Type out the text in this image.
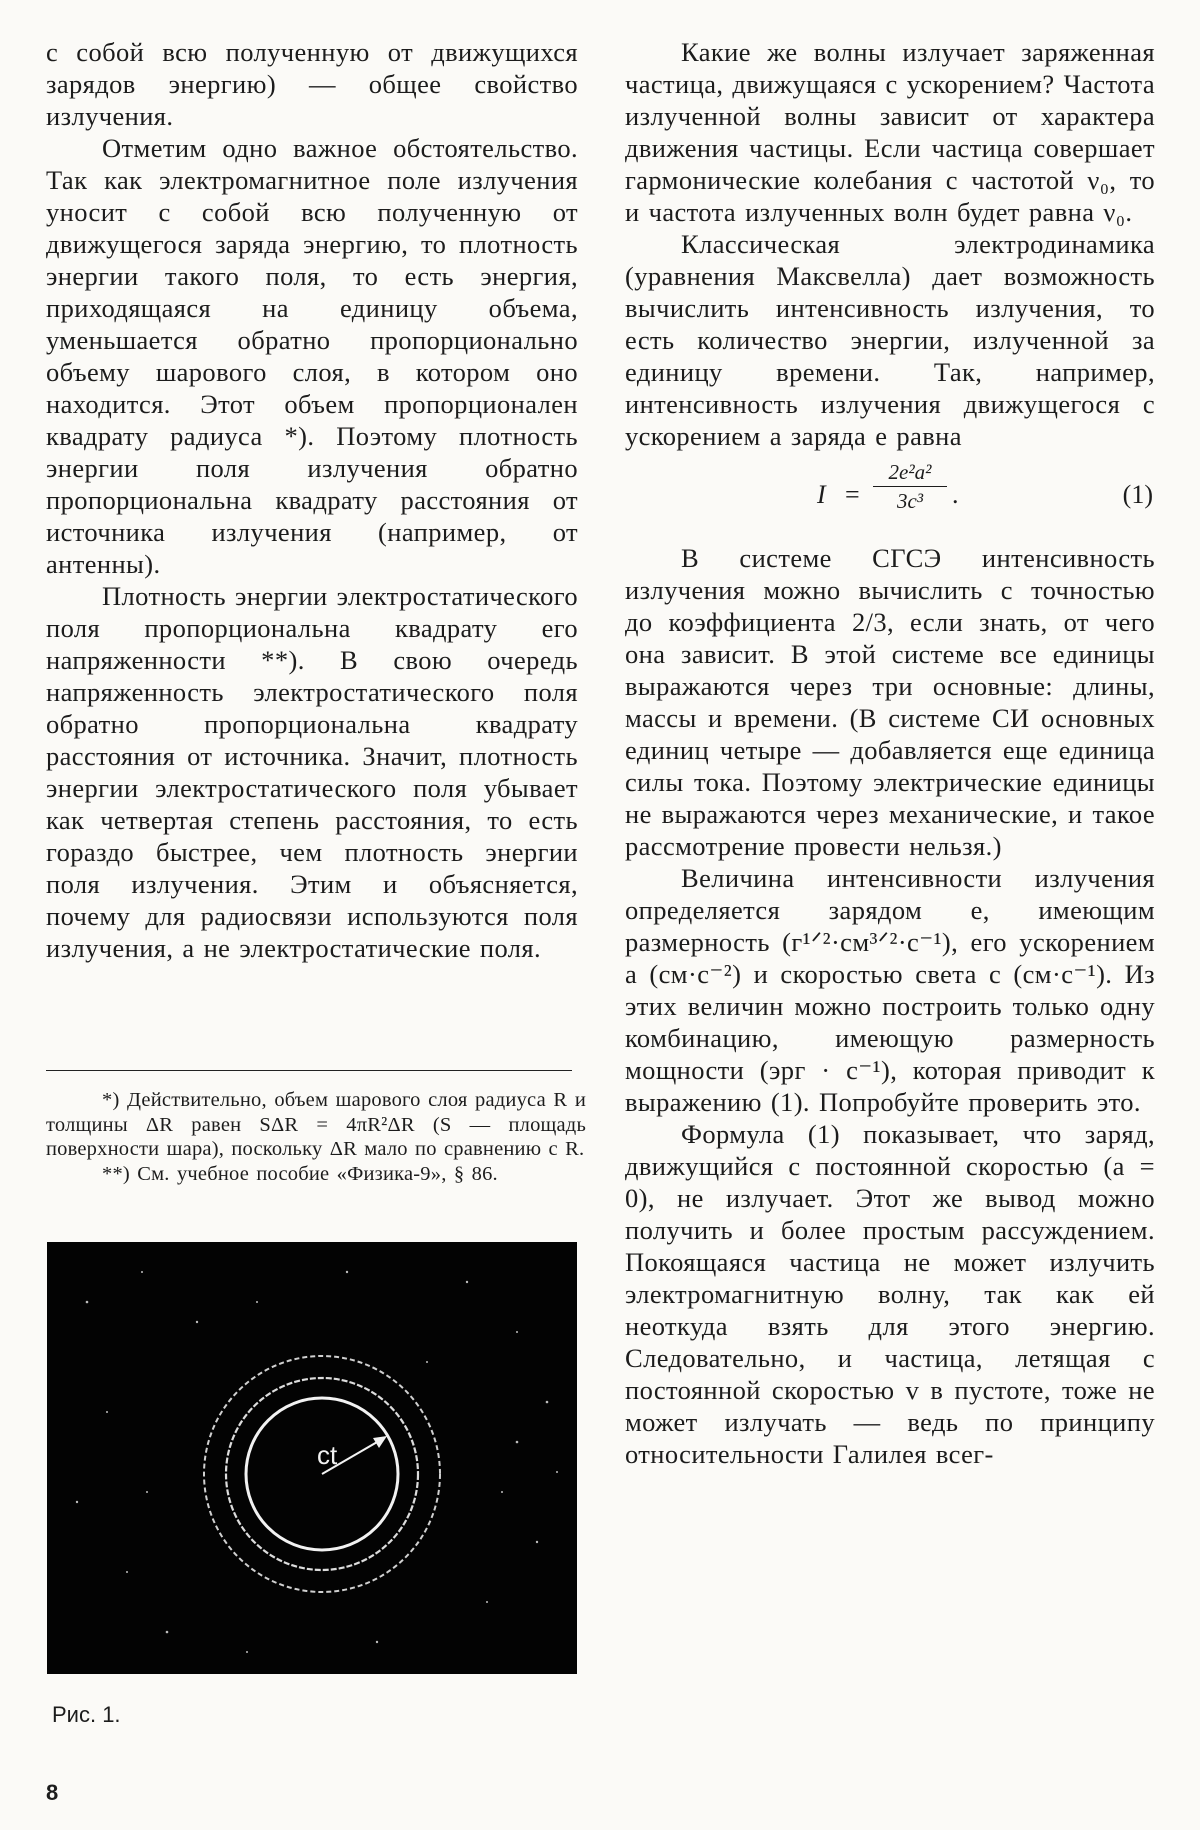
с собой всю полученную от движущихся зарядов энергию) — общее свойство излучения.

Отметим одно важное обстоятельство. Так как электромагнитное поле излучения уносит с собой всю полученную от движущегося заряда энергию, то плотность энергии такого поля, то есть энергия, приходящаяся на единицу объема, уменьшается обратно пропорционально объему шарового слоя, в котором оно находится. Этот объем пропорционален квадрату радиуса *). Поэтому плотность энергии поля излучения обратно пропорциональна квадрату расстояния от источника излучения (например, от антенны).

Плотность энергии электростатического поля пропорциональна квадрату его напряженности **). В свою очередь напряженность электростатического поля обратно пропорциональна квадрату расстояния от источника. Значит, плотность энергии электростатического поля убывает как четвертая степень расстояния, то есть гораздо быстрее, чем плотность энергии поля излучения. Этим и объясняется, почему для радиосвязи используются поля излучения, а не электростатические поля.

*) Действительно, объем шарового слоя радиуса R и толщины ΔR равен SΔR = 4πR²ΔR (S — площадь поверхности шара), поскольку ΔR мало по сравнению с R.

**) См. учебное пособие «Физика-9», § 86.

ct
Рис. 1.

Какие же волны излучает заряженная частица, движущаяся с ускорением? Частота излученной волны зависит от характера движения частицы. Если частица совершает гармонические колебания с частотой ν₀, то и частота излученных волн будет равна ν₀.

Классическая электродинамика (уравнения Максвелла) дает возможность вычислить интенсивность излучения, то есть количество энергии, излученной за единицу времени. Так, например, интенсивность излучения движущегося с ускорением a заряда e равна

$I = \frac{\text{2e²a²}}{\text{3c³}}$ .	(1)

В системе СГСЭ интенсивность излучения можно вычислить с точностью до коэффициента 2/3, если знать, от чего она зависит. В этой системе все единицы выражаются через три основные: длины, массы и времени. (В системе СИ основных единиц четыре — добавляется еще единица силы тока. Поэтому электрические единицы не выражаются через механические, и такое рассмотрение провести нельзя.)

Величина интенсивности излучения определяется зарядом e, имеющим размерность (г¹ᐟ²·см³ᐟ²·с⁻¹), его ускорением a (см·с⁻²) и скоростью света c (см·с⁻¹). Из этих величин можно построить только одну комбинацию, имеющую размерность мощности (эрг · с⁻¹), которая приводит к выражению (1). Попробуйте проверить это.

Формула (1) показывает, что заряд, движущийся с постоянной скоростью (a = 0), не излучает. Этот же вывод можно получить и более простым рассуждением. Покоящаяся частица не может излучить электромагнитную волну, так как ей неоткуда взять для этого энергию. Следовательно, и частица, летящая с постоянной скоростью v в пустоте, тоже не может излучать — ведь по принципу относительности Галилея всег-

8
